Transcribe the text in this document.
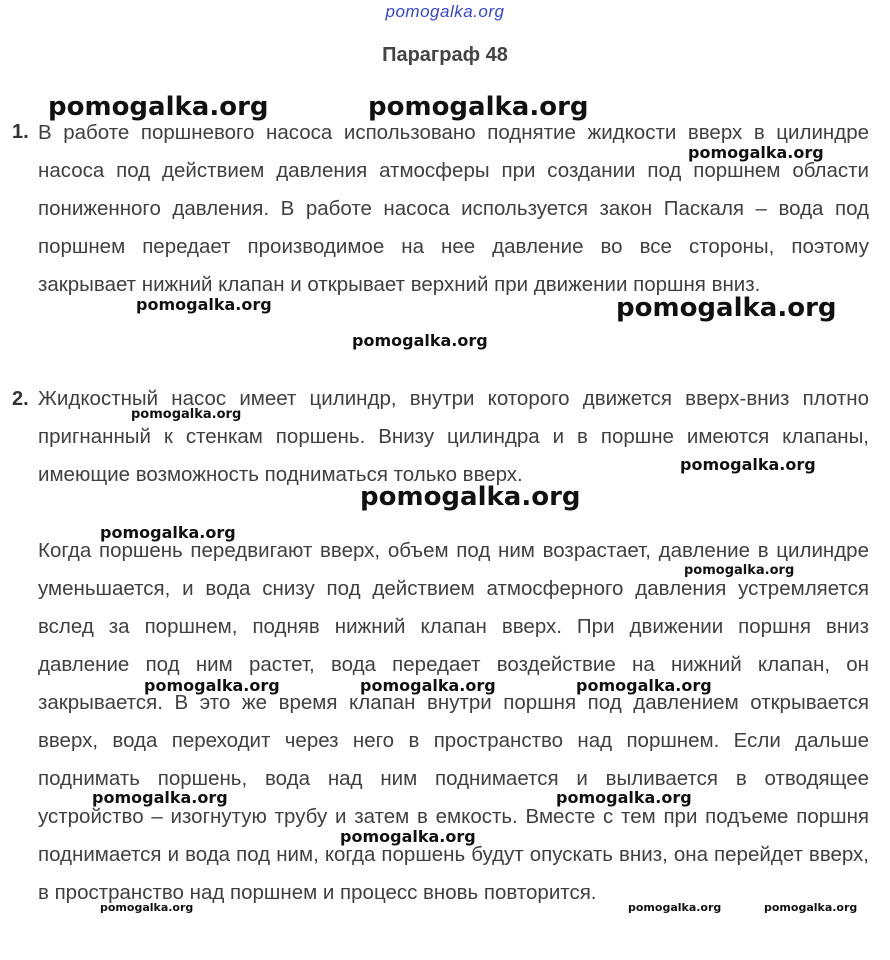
pomogalka.org
Параграф 48
1. В работе поршневого насоса использовано поднятие жидкости вверх в цилиндре насоса под действием давления атмосферы при создании под поршнем области пониженного давления. В работе насоса используется закон Паскаля – вода под поршнем передает производимое на нее давление во все стороны, поэтому закрывает нижний клапан и открывает верхний при движении поршня вниз.
2. Жидкостный насос имеет цилиндр, внутри которого движется вверх-вниз плотно пригнанный к стенкам поршень. Внизу цилиндра и в поршне имеются клапаны, имеющие возможность подниматься только вверх.
Когда поршень передвигают вверх, объем под ним возрастает, давление в цилиндре уменьшается, и вода снизу под действием атмосферного давления устремляется вслед за поршнем, подняв нижний клапан вверх. При движении поршня вниз давление под ним растет, вода передает воздействие на нижний клапан, он закрывается. В это же время клапан внутри поршня под давлением открывается вверх, вода переходит через него в пространство над поршнем. Если дальше поднимать поршень, вода над ним поднимается и выливается в отводящее устройство – изогнутую трубу и затем в емкость. Вместе с тем при подъеме поршня поднимается и вода под ним, когда поршень будут опускать вниз, она перейдет вверх, в пространство над поршнем и процесс вновь повторится.
pomogalka.org	pomogalka.org
pomogalka.org
pomogalka.org	pomogalka.org
pomogalka.org
pomogalka.org
pomogalka.org
pomogalka.org
pomogalka.org
pomogalka.org
pomogalka.org	pomogalka.org	pomogalka.org
pomogalka.org	pomogalka.org
pomogalka.org
pomogalka.org	pomogalka.org	pomogalka.org
